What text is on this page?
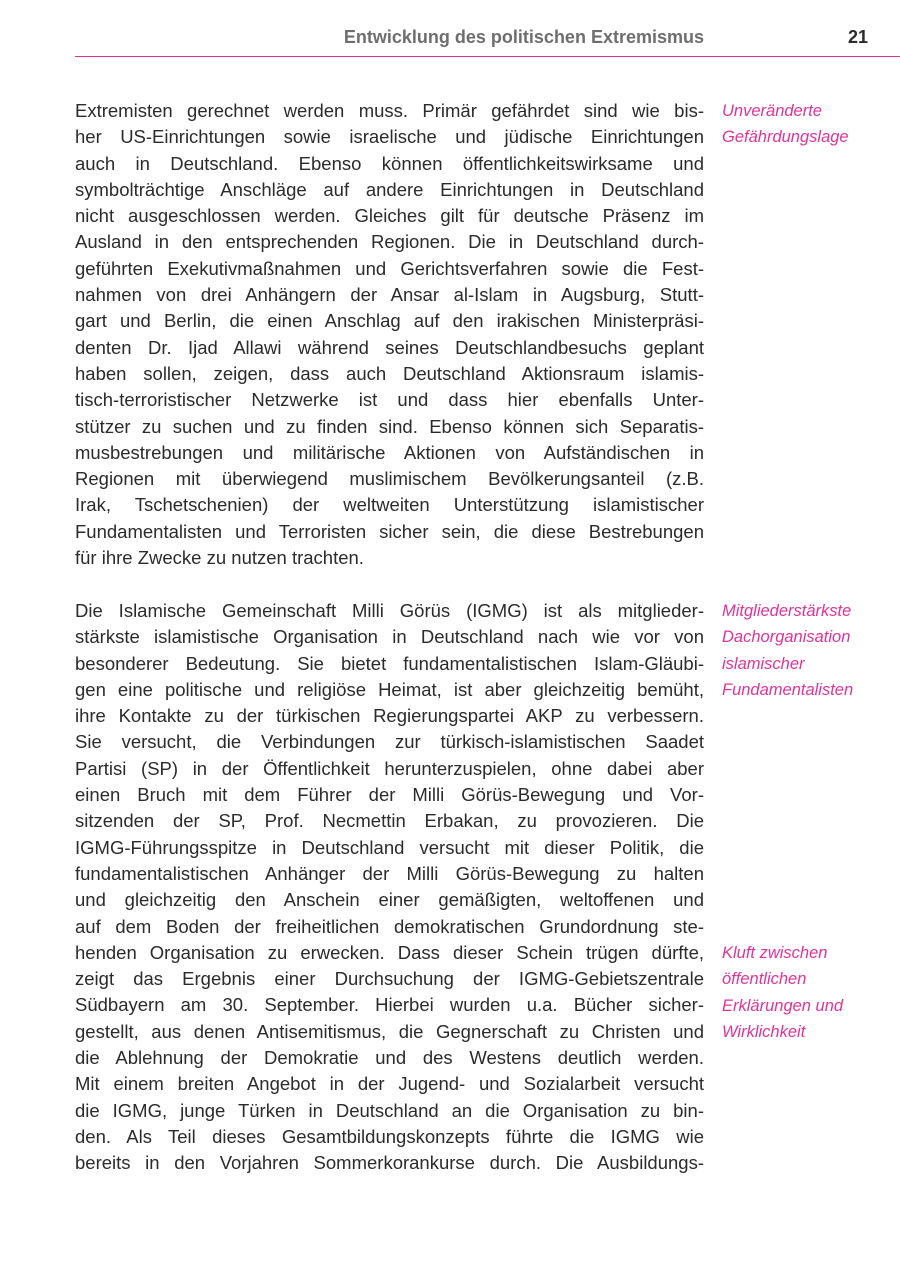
Entwicklung des politischen Extremismus	21
Extremisten gerechnet werden muss. Primär gefährdet sind wie bis-
her US-Einrichtungen sowie israelische und jüdische Einrichtungen
auch in Deutschland. Ebenso können öffentlichkeitswirksame und
symbolträchtige Anschläge auf andere Einrichtungen in Deutschland
nicht ausgeschlossen werden. Gleiches gilt für deutsche Präsenz im
Ausland in den entsprechenden Regionen. Die in Deutschland durch-
geführten Exekutivmaßnahmen und Gerichtsverfahren sowie die Fest-
nahmen von drei Anhängern der Ansar al-Islam in Augsburg, Stutt-
gart und Berlin, die einen Anschlag auf den irakischen Ministerpräsi-
denten Dr. Ijad Allawi während seines Deutschlandbesuchs geplant
haben sollen, zeigen, dass auch Deutschland Aktionsraum islamis-
tisch-terroristischer Netzwerke ist und dass hier ebenfalls Unter-
stützer zu suchen und zu finden sind. Ebenso können sich Separatis-
musbestrebungen und militärische Aktionen von Aufständischen in
Regionen mit überwiegend muslimischem Bevölkerungsanteil (z.B.
Irak, Tschetschenien) der weltweiten Unterstützung islamistischer
Fundamentalisten und Terroristen sicher sein, die diese Bestrebungen
für ihre Zwecke zu nutzen trachten.
Die Islamische Gemeinschaft Milli Görüs (IGMG) ist als mitglieder-
stärkste islamistische Organisation in Deutschland nach wie vor von
besonderer Bedeutung. Sie bietet fundamentalistischen Islam-Gläubi-
gen eine politische und religiöse Heimat, ist aber gleichzeitig bemüht,
ihre Kontakte zu der türkischen Regierungspartei AKP zu verbessern.
Sie versucht, die Verbindungen zur türkisch-islamistischen Saadet
Partisi (SP) in der Öffentlichkeit herunterzuspielen, ohne dabei aber
einen Bruch mit dem Führer der Milli Görüs-Bewegung und Vor-
sitzenden der SP, Prof. Necmettin Erbakan, zu provozieren. Die
IGMG-Führungsspitze in Deutschland versucht mit dieser Politik, die
fundamentalistischen Anhänger der Milli Görüs-Bewegung zu halten
und gleichzeitig den Anschein einer gemäßigten, weltoffenen und
auf dem Boden der freiheitlichen demokratischen Grundordnung ste-
henden Organisation zu erwecken. Dass dieser Schein trügen dürfte,
zeigt das Ergebnis einer Durchsuchung der IGMG-Gebietszentrale
Südbayern am 30. September. Hierbei wurden u.a. Bücher sicher-
gestellt, aus denen Antisemitismus, die Gegnerschaft zu Christen und
die Ablehnung der Demokratie und des Westens deutlich werden.
Mit einem breiten Angebot in der Jugend- und Sozialarbeit versucht
die IGMG, junge Türken in Deutschland an die Organisation zu bin-
den. Als Teil dieses Gesamtbildungskonzepts führte die IGMG wie
bereits in den Vorjahren Sommerkorankurse durch. Die Ausbildungs-
Unveränderte
Gefährdungslage
Mitgliederstärkste
Dachorganisation
islamischer
Fundamentalisten
Kluft zwischen
öffentlichen
Erklärungen und
Wirklichkeit
